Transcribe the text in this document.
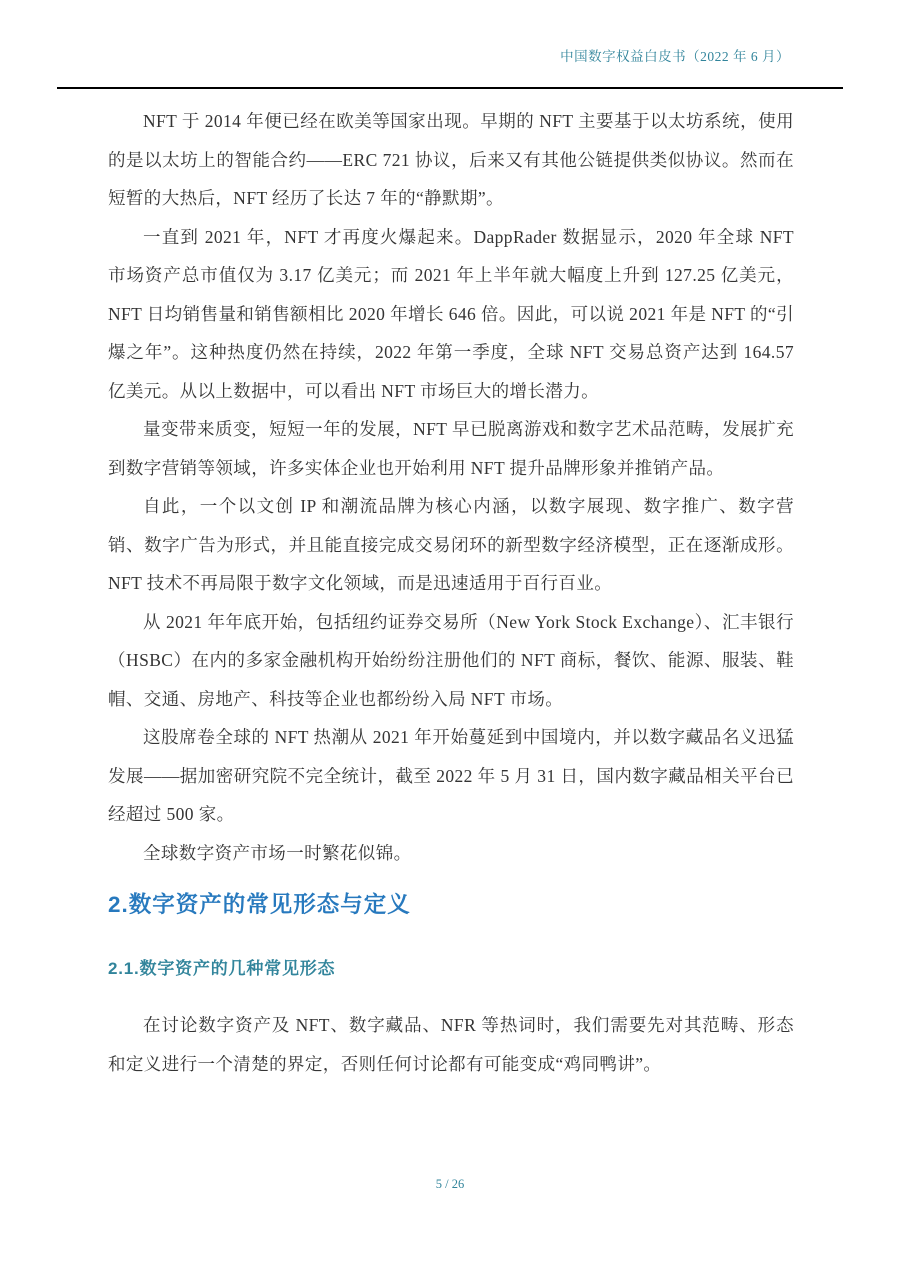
中国数字权益白皮书（2022 年 6 月）

NFT 于 2014 年便已经在欧美等国家出现。早期的 NFT 主要基于以太坊系统，使用的是以太坊上的智能合约——ERC 721 协议，后来又有其他公链提供类似协议。然而在短暂的大热后，NFT 经历了长达 7 年的“静默期”。

一直到 2021 年，NFT 才再度火爆起来。DappRader 数据显示，2020 年全球 NFT 市场资产总市值仅为 3.17 亿美元；而 2021 年上半年就大幅度上升到 127.25 亿美元，NFT 日均销售量和销售额相比 2020 年增长 646 倍。因此，可以说 2021 年是 NFT 的“引爆之年”。这种热度仍然在持续，2022 年第一季度，全球 NFT 交易总资产达到 164.57 亿美元。从以上数据中，可以看出 NFT 市场巨大的增长潜力。

量变带来质变，短短一年的发展，NFT 早已脱离游戏和数字艺术品范畴，发展扩充到数字营销等领域，许多实体企业也开始利用 NFT 提升品牌形象并推销产品。

自此，一个以文创 IP 和潮流品牌为核心内涵，以数字展现、数字推广、数字营销、数字广告为形式，并且能直接完成交易闭环的新型数字经济模型，正在逐渐成形。NFT 技术不再局限于数字文化领域，而是迅速适用于百行百业。

从 2021 年年底开始，包括纽约证券交易所（New York Stock Exchange）、汇丰银行（HSBC）在内的多家金融机构开始纷纷注册他们的 NFT 商标，餐饮、能源、服装、鞋帽、交通、房地产、科技等企业也都纷纷入局 NFT 市场。

这股席卷全球的 NFT 热潮从 2021 年开始蔓延到中国境内，并以数字藏品名义迅猛发展——据加密研究院不完全统计，截至 2022 年 5 月 31 日，国内数字藏品相关平台已经超过 500 家。

全球数字资产市场一时繁花似锦。

2.数字资产的常见形态与定义
2.1.数字资产的几种常见形态

在讨论数字资产及 NFT、数字藏品、NFR 等热词时，我们需要先对其范畴、形态和定义进行一个清楚的界定，否则任何讨论都有可能变成“鸡同鸭讲”。

5 / 26
